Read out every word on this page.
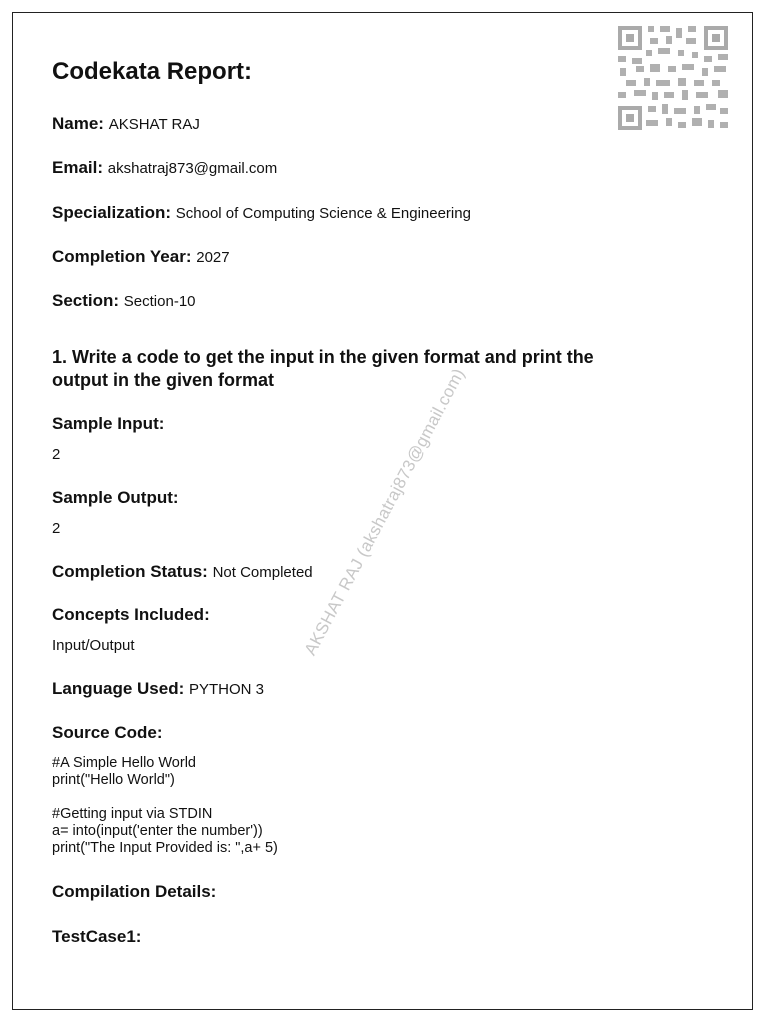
Codekata Report:
Name: AKSHAT RAJ
Email: akshatraj873@gmail.com
Specialization: School of Computing Science & Engineering
Completion Year: 2027
Section: Section-10
1. Write a code to get the input in the given format and print the output in the given format
Sample Input:
2
Sample Output:
2
Completion Status: Not Completed
Concepts Included:
Input/Output
Language Used: PYTHON 3
Source Code:
#A Simple Hello World
print("Hello World")
#Getting input via STDIN
a= into(input('enter the number'))
print("The Input Provided is: ",a+ 5)
Compilation Details:
TestCase1:
AKSHAT RAJ (akshatraj873@gmail.com)
